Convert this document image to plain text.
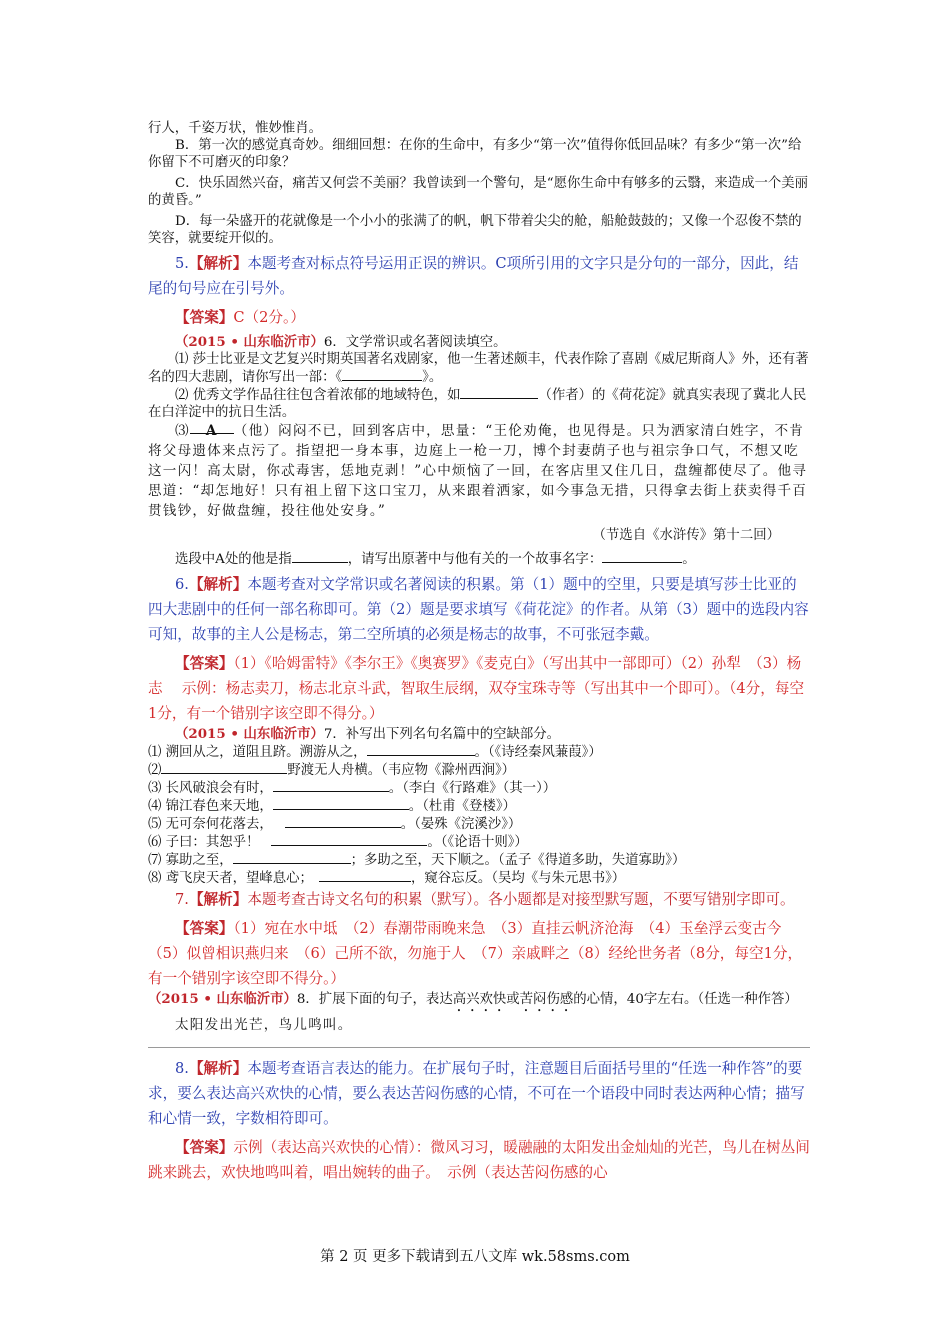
行人，千姿万状，惟妙惟肖。

B．第一次的感觉真奇妙。细细回想：在你的生命中，有多少“第一次”值得你低回品味？有多少“第一次”给你留下不可磨灭的印象？

C．快乐固然兴奋，痛苦又何尝不美丽？我曾读到一个警句，是“愿你生命中有够多的云翳，来造成一个美丽的黄昏。”

D．每一朵盛开的花就像是一个小小的张满了的帆，帆下带着尖尖的舱，船舱鼓鼓的；又像一个忍俊不禁的笑容，就要绽开似的。

5.【解析】本题考查对标点符号运用正误的辨识。C项所引用的文字只是分句的一部分，因此，结尾的句号应在引号外。

【答案】C（2分。）

（2015 • 山东临沂市）6．文学常识或名著阅读填空。

⑴ 莎士比亚是文艺复兴时期英国著名戏剧家，他一生著述颇丰，代表作除了喜剧《威尼斯商人》外，还有著名的四大悲剧，请你写出一部：《	》。

⑵ 优秀文学作品往往包含着浓郁的地域特色，如	（作者）的《荷花淀》就真实表现了冀北人民在白洋淀中的抗日生活。

⑶ A （他）闷闷不已，回到客店中，思量：“王伦劝俺，也见得是。只为洒家清白姓字，不肯将父母遗体来点污了。指望把一身本事，边庭上一枪一刀，博个封妻荫子也与祖宗争口气，不想又吃这一闪！高太尉，你忒毒害，恁地克剥！”心中烦恼了一回，在客店里又住几日，盘缠都使尽了。他寻思道：“却怎地好！只有祖上留下这口宝刀，从来跟着洒家，如今事急无措，只得拿去街上获卖得千百贯钱钞，好做盘缠，投往他处安身。”

（节选自《水浒传》第十二回）

选段中A处的他是指	，请写出原著中与他有关的一个故事名字：	。

6.【解析】本题考查对文学常识或名著阅读的积累。第（1）题中的空里，只要是填写莎士比亚的四大悲剧中的任何一部名称即可。第（2）题是要求填写《荷花淀》的作者。从第（3）题中的选段内容可知，故事的主人公是杨志，第二空所填的必须是杨志的故事，不可张冠李戴。

【答案】（1）《哈姆雷特》《李尔王》《奥赛罗》《麦克白》（写出其中一部即可）（2）孙犁　（3）杨志　 示例：杨志卖刀，杨志北京斗武，智取生辰纲，双夺宝珠寺等（写出其中一个即可）。（4分，每空1分，有一个错别字该空即不得分。）

（2015 • 山东临沂市）7．补写出下列名句名篇中的空缺部分。

⑴ 溯回从之，道阻且跻。溯游从之，	。（《诗经秦风蒹葭》）

⑵	野渡无人舟横。（韦应物《滁州西涧》）

⑶ 长风破浪会有时，	。（李白《行路难》（其一））

⑷ 锦江春色来天地，	。（杜甫《登楼》）

⑸ 无可奈何花落去，	。（晏殊《浣溪沙》）

⑹ 子曰：其恕乎！	。（《论语十则》）

⑺ 寡助之至，	；多助之至，天下顺之。（孟子《得道多助，失道寡助》）

⑻ 鸢飞戾天者，望峰息心；	，窥谷忘反。（吴均《与朱元思书》）

7.【解析】本题考查古诗文名句的积累（默写）。各小题都是对接型默写题，不要写错别字即可。

【答案】（1）宛在水中坻　（2）春潮带雨晚来急　（3）直挂云帆济沧海　（4）玉垒浮云变古今　（5）似曾相识燕归来　（6）己所不欲，勿施于人　（7）亲戚畔之（8）经纶世务者（8分，每空1分，有一个错别字该空即不得分。）

（2015 • 山东临沂市）8．扩展下面的句子，表达高兴欢快或苦闷伤感的心情，40字左右。（任选一种作答）

太阳发出光芒，鸟儿鸣叫。

8.【解析】本题考查语言表达的能力。在扩展句子时，注意题目后面括号里的“任选一种作答”的要求，要么表达高兴欢快的心情，要么表达苦闷伤感的心情，不可在一个语段中同时表达两种心情；描写和心情一致，字数相符即可。

【答案】示例（表达高兴欢快的心情）：微风习习，暖融融的太阳发出金灿灿的光芒，鸟儿在树丛间跳来跳去，欢快地鸣叫着，唱出婉转的曲子。　示例（表达苦闷伤感的心

第 2 页 更多下载请到五八文库 wk.58sms.com
